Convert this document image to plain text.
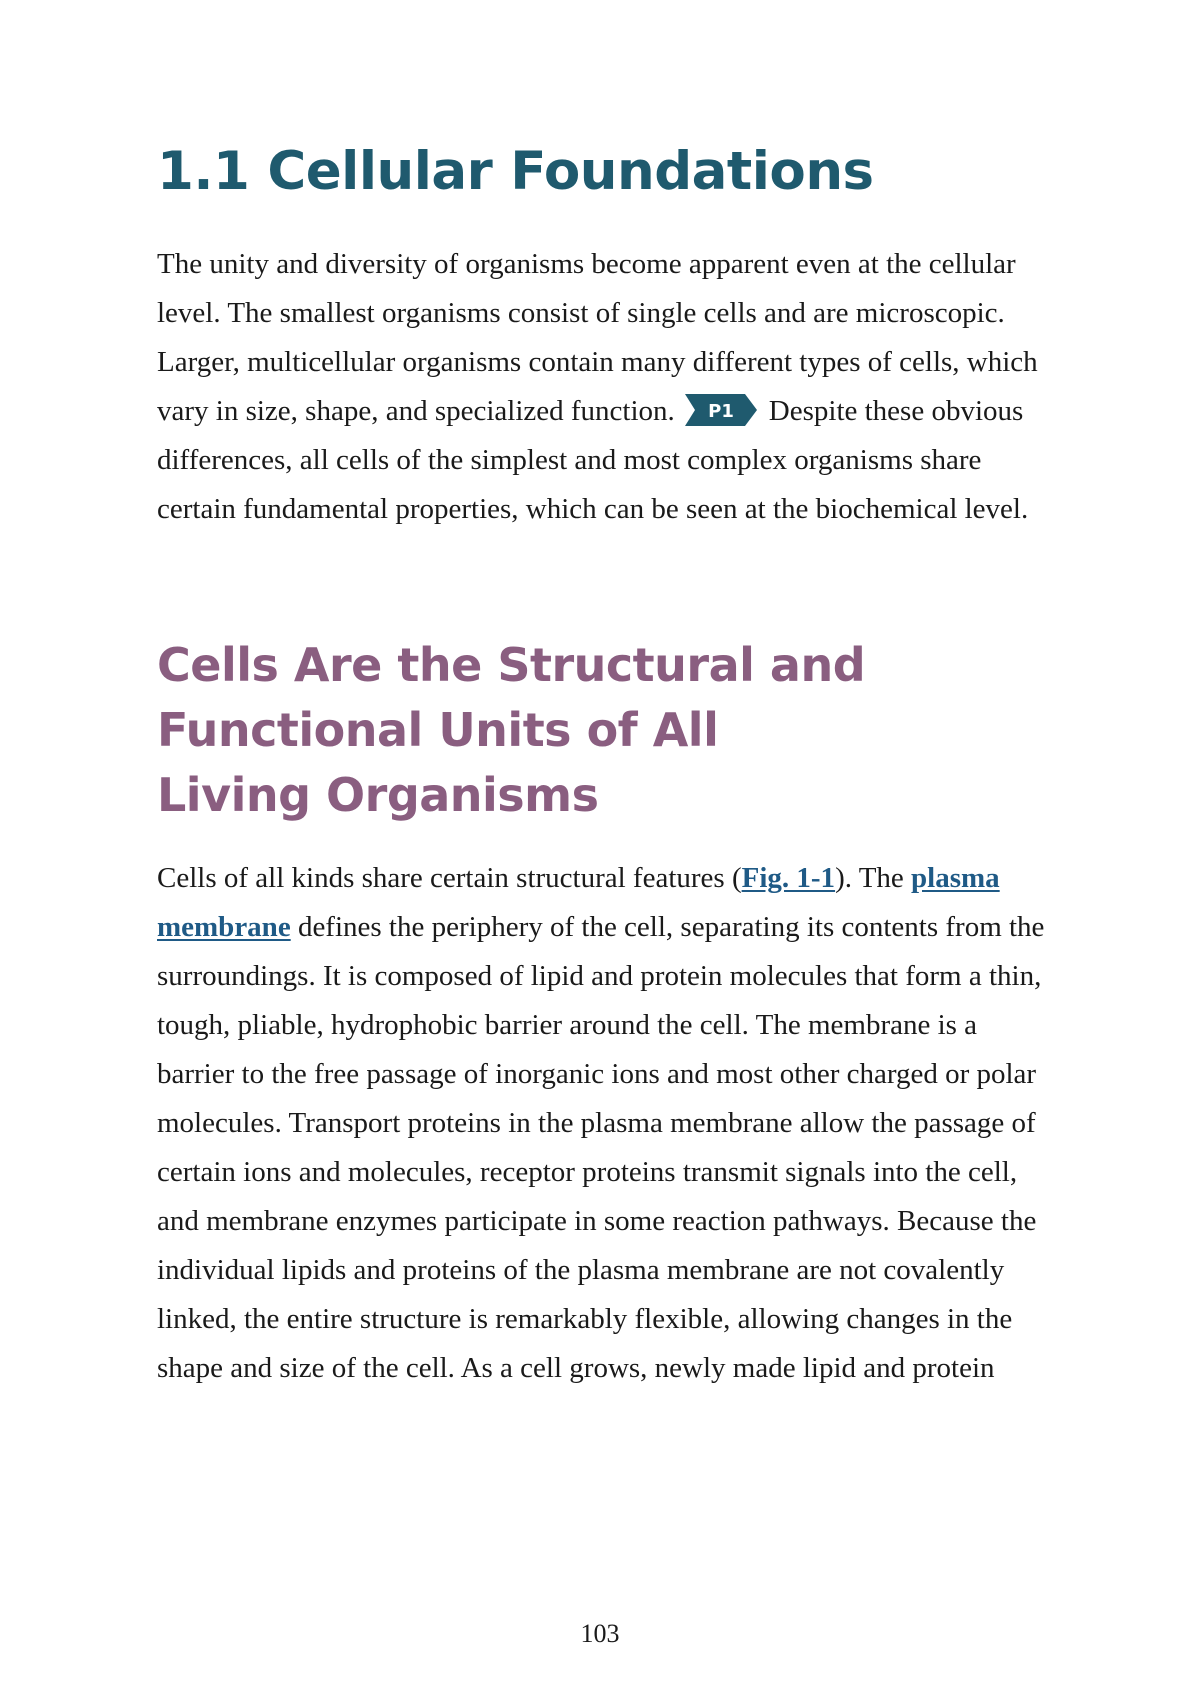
1.1 Cellular Foundations

The unity and diversity of organisms become apparent even at the cellular level. The smallest organisms consist of single cells and are microscopic. Larger, multicellular organisms contain many different types of cells, which vary in size, shape, and specialized function. P1 Despite these obvious differences, all cells of the simplest and most complex organisms share certain fundamental properties, which can be seen at the biochemical level.

Cells Are the Structural and Functional Units of All Living Organisms

Cells of all kinds share certain structural features (Fig. 1-1). The plasma membrane defines the periphery of the cell, separating its contents from the surroundings. It is composed of lipid and protein molecules that form a thin, tough, pliable, hydrophobic barrier around the cell. The membrane is a barrier to the free passage of inorganic ions and most other charged or polar molecules. Transport proteins in the plasma membrane allow the passage of certain ions and molecules, receptor proteins transmit signals into the cell, and membrane enzymes participate in some reaction pathways. Because the individual lipids and proteins of the plasma membrane are not covalently linked, the entire structure is remarkably flexible, allowing changes in the shape and size of the cell. As a cell grows, newly made lipid and protein

103
